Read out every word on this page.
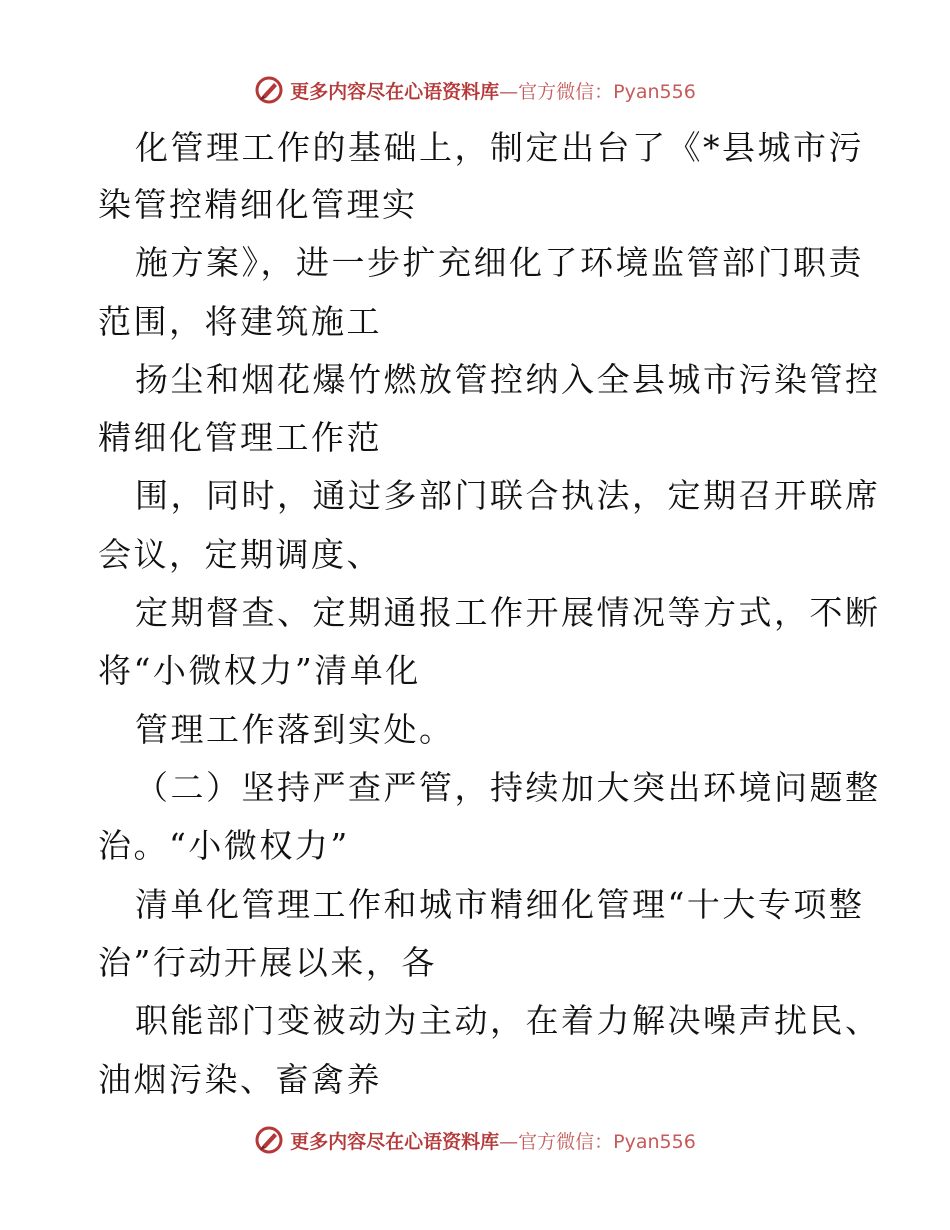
更多内容尽在心语资料库—官方微信：Pyan556
化管理工作的基础上，制定出台了《*县城市污
染管控精细化管理实
施方案》，进一步扩充细化了环境监管部门职责
范围，将建筑施工
扬尘和烟花爆竹燃放管控纳入全县城市污染管控
精细化管理工作范
围，同时，通过多部门联合执法，定期召开联席
会议，定期调度、
定期督查、定期通报工作开展情况等方式，不断
将“小微权力”清单化
管理工作落到实处。
（二）坚持严查严管，持续加大突出环境问题整
治。“小微权力”
清单化管理工作和城市精细化管理“十大专项整
治”行动开展以来，各
职能部门变被动为主动，在着力解决噪声扰民、
油烟污染、畜禽养
更多内容尽在心语资料库—官方微信：Pyan556
